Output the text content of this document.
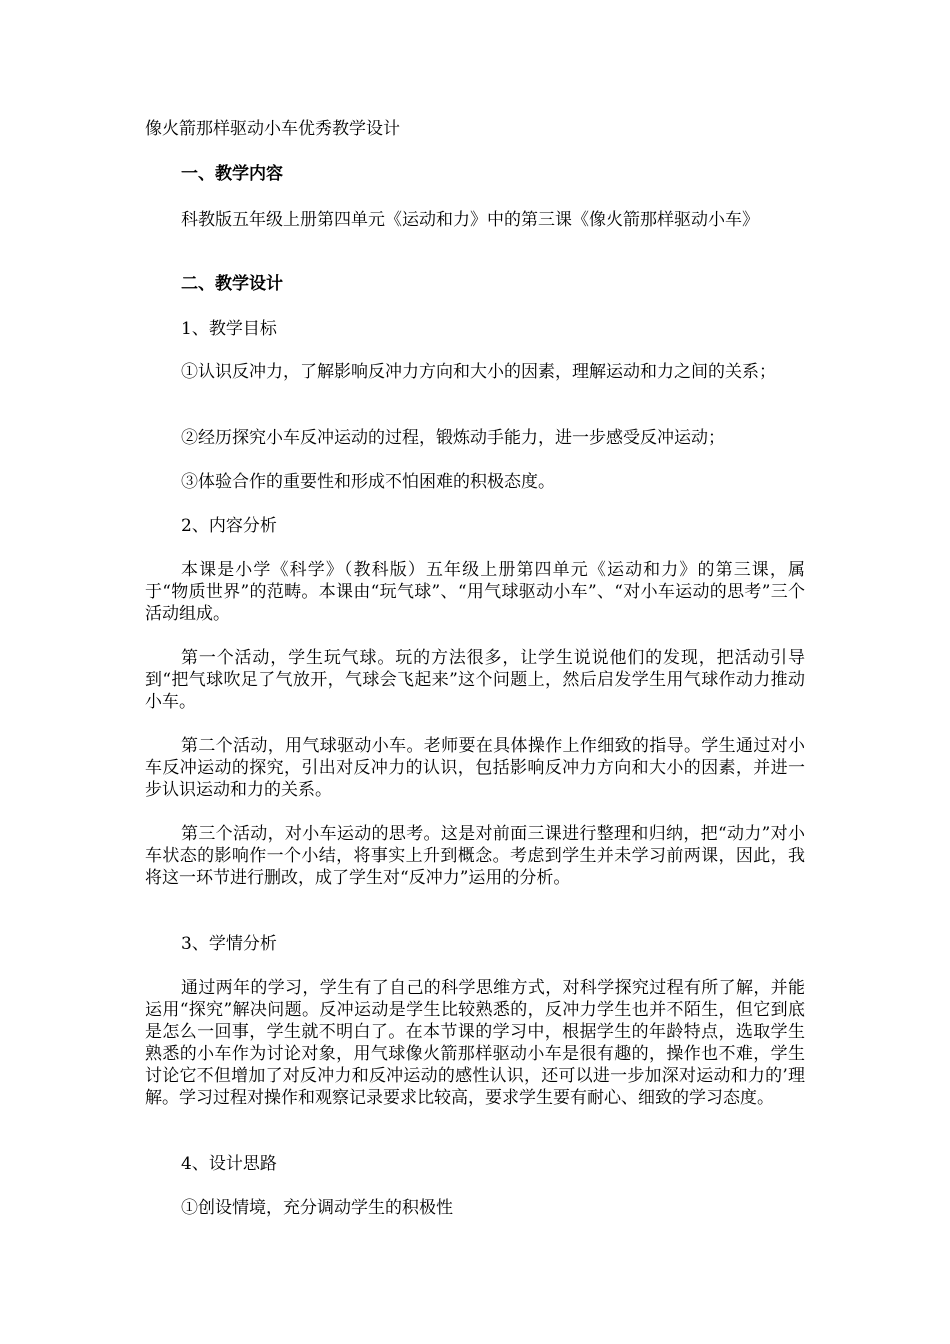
像火箭那样驱动小车优秀教学设计
一、教学内容
科教版五年级上册第四单元《运动和力》中的第三课《像火箭那样驱动小车》
二、教学设计
1、教学目标
①认识反冲力，了解影响反冲力方向和大小的因素，理解运动和力之间的关系；
②经历探究小车反冲运动的过程，锻炼动手能力，进一步感受反冲运动；
③体验合作的重要性和形成不怕困难的积极态度。
2、内容分析
本课是小学《科学》（教科版）五年级上册第四单元《运动和力》的第三课，属于“物质世界”的范畴。本课由“玩气球”、“用气球驱动小车”、“对小车运动的思考”三个活动组成。
第一个活动，学生玩气球。玩的方法很多，让学生说说他们的发现，把活动引导到“把气球吹足了气放开，气球会飞起来”这个问题上，然后启发学生用气球作动力推动小车。
第二个活动，用气球驱动小车。老师要在具体操作上作细致的指导。学生通过对小车反冲运动的探究，引出对反冲力的认识，包括影响反冲力方向和大小的因素，并进一步认识运动和力的关系。
第三个活动，对小车运动的思考。这是对前面三课进行整理和归纳，把“动力”对小车状态的影响作一个小结，将事实上升到概念。考虑到学生并未学习前两课，因此，我将这一环节进行删改，成了学生对“反冲力”运用的分析。
3、学情分析
通过两年的学习，学生有了自己的科学思维方式，对科学探究过程有所了解，并能运用“探究”解决问题。反冲运动是学生比较熟悉的，反冲力学生也并不陌生，但它到底是怎么一回事，学生就不明白了。在本节课的学习中，根据学生的年龄特点，选取学生熟悉的小车作为讨论对象，用气球像火箭那样驱动小车是很有趣的，操作也不难，学生讨论它不但增加了对反冲力和反冲运动的感性认识，还可以进一步加深对运动和力的’理解。学习过程对操作和观察记录要求比较高，要求学生要有耐心、细致的学习态度。
4、设计思路
①创设情境，充分调动学生的积极性
